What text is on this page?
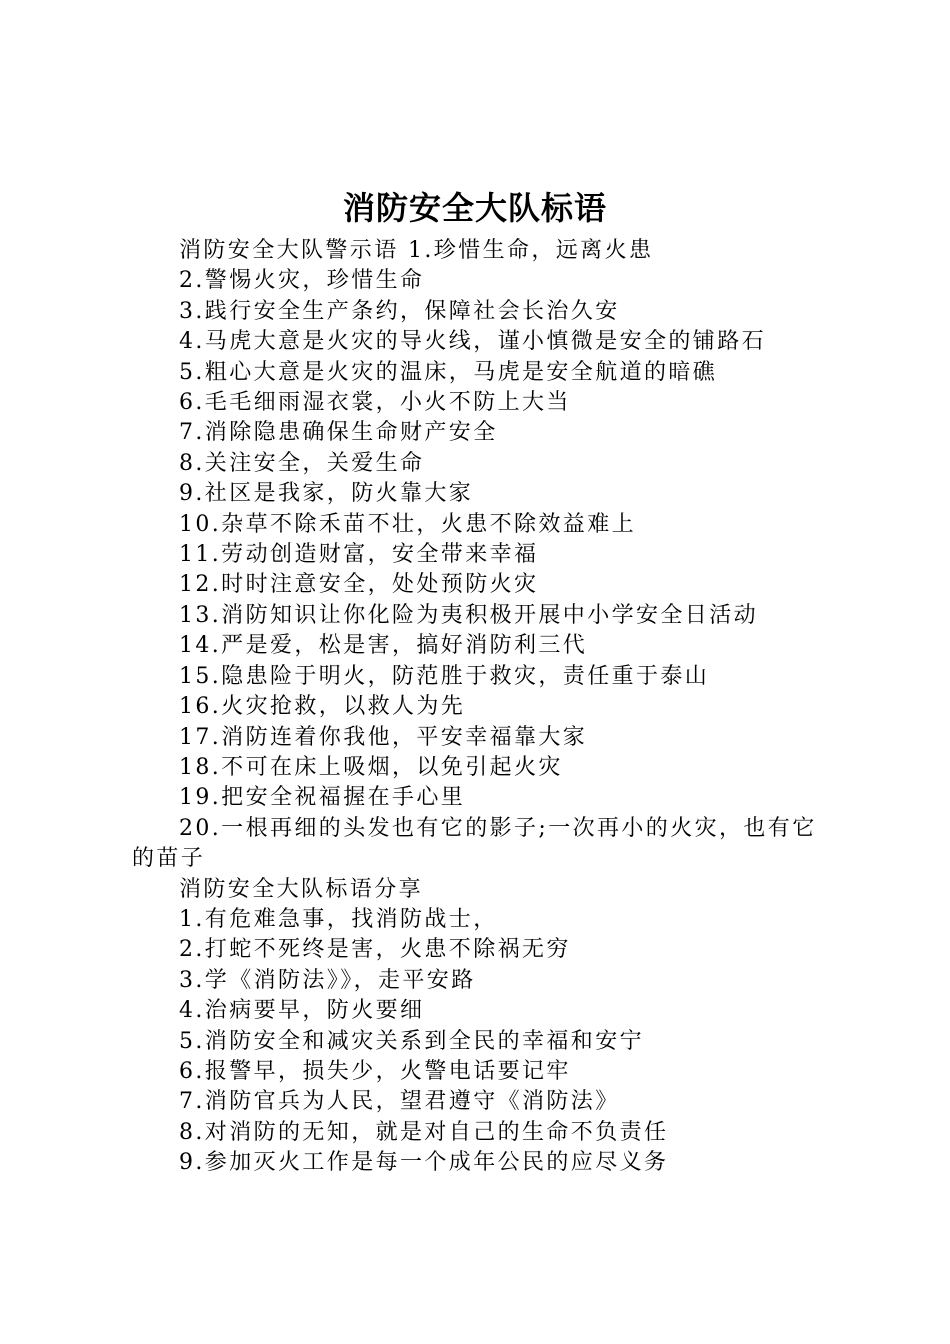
消防安全大队标语
消防安全大队警示语 1.珍惜生命，远离火患
2.警惕火灾，珍惜生命
3.践行安全生产条约，保障社会长治久安
4.马虎大意是火灾的导火线，谨小慎微是安全的铺路石
5.粗心大意是火灾的温床，马虎是安全航道的暗礁
6.毛毛细雨湿衣裳，小火不防上大当
7.消除隐患确保生命财产安全
8.关注安全，关爱生命
9.社区是我家，防火靠大家
10.杂草不除禾苗不壮，火患不除效益难上
11.劳动创造财富，安全带来幸福
12.时时注意安全，处处预防火灾
13.消防知识让你化险为夷积极开展中小学安全日活动
14.严是爱，松是害，搞好消防利三代
15.隐患险于明火，防范胜于救灾，责任重于泰山
16.火灾抢救，以救人为先
17.消防连着你我他，平安幸福靠大家
18.不可在床上吸烟，以免引起火灾
19.把安全祝福握在手心里
20.一根再细的头发也有它的影子;一次再小的火灾，也有它的苗子
消防安全大队标语分享
1.有危难急事，找消防战士，
2.打蛇不死终是害，火患不除祸无穷
3.学《消防法》》，走平安路
4.治病要早，防火要细
5.消防安全和减灾关系到全民的幸福和安宁
6.报警早，损失少，火警电话要记牢
7.消防官兵为人民，望君遵守《消防法》
8.对消防的无知，就是对自己的生命不负责任
9.参加灭火工作是每一个成年公民的应尽义务
